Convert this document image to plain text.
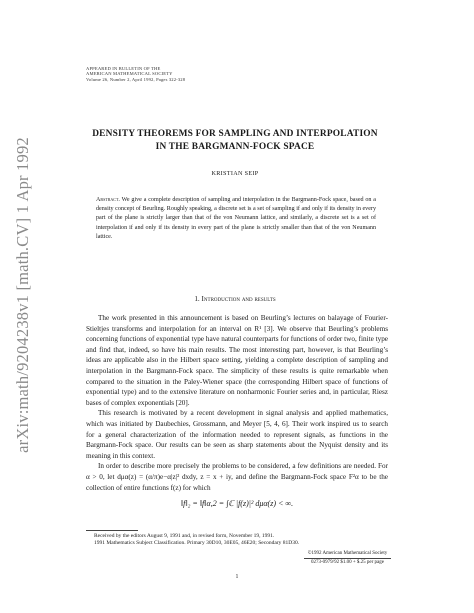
arXiv:math/9204238v1 [math.CV] 1 Apr 1992
APPEARED IN BULLETIN OF THE
AMERICAN MATHEMATICAL SOCIETY
Volume 26, Number 2, April 1992, Pages 322-328
DENSITY THEOREMS FOR SAMPLING AND INTERPOLATION
IN THE BARGMANN-FOCK SPACE
KRISTIAN SEIP
Abstract. We give a complete description of sampling and interpolation in the Bargmann-Fock space, based on a density concept of Beurling. Roughly speaking, a discrete set is a set of sampling if and only if its density in every part of the plane is strictly larger than that of the von Neumann lattice, and similarly, a discrete set is a set of interpolation if and only if its density in every part of the plane is strictly smaller than that of the von Neumann lattice.
1. Introduction and results

The work presented in this announcement is based on Beurling’s lectures on balayage of Fourier-Stieltjes transforms and interpolation for an interval on R¹ [3]. We observe that Beurling’s problems concerning functions of exponential type have natural counterparts for functions of order two, finite type and find that, indeed, so have his main results. The most interesting part, however, is that Beurling’s ideas are applicable also in the Hilbert space setting, yielding a complete description of sampling and interpolation in the Bargmann-Fock space. The simplicity of these results is quite remarkable when compared to the situation in the Paley-Wiener space (the corresponding Hilbert space of functions of exponential type) and to the extensive literature on nonharmonic Fourier series and, in particular, Riesz bases of complex exponentials [20].

This research is motivated by a recent development in signal analysis and applied mathematics, which was initiated by Daubechies, Grossmann, and Meyer [5, 4, 6]. Their work inspired us to search for a general characterization of the information needed to represent signals, as functions in the Bargmann-Fock space. Our results can be seen as sharp statements about the Nyquist density and its meaning in this context.

In order to describe more precisely the problems to be considered, a few definitions are needed. For α > 0, let dμα(z) = (α/π)e−α|z|² dxdy, z = x + iy, and define the Bargmann-Fock space F²α to be the collection of entire functions f(z) for which

‖f‖₂ = ‖f‖α,2 = ∫ℂ |f(z)|² dμα(z) < ∞.
Received by the editors August 9, 1991 and, in revised form, November 19, 1991.
1991 Mathematics Subject Classification. Primary 30D10, 30E05, 46E20; Secondary 81D30.
©1992 American Mathematical Society
0273-0979/92 $1.00 + $.25 per page
1
